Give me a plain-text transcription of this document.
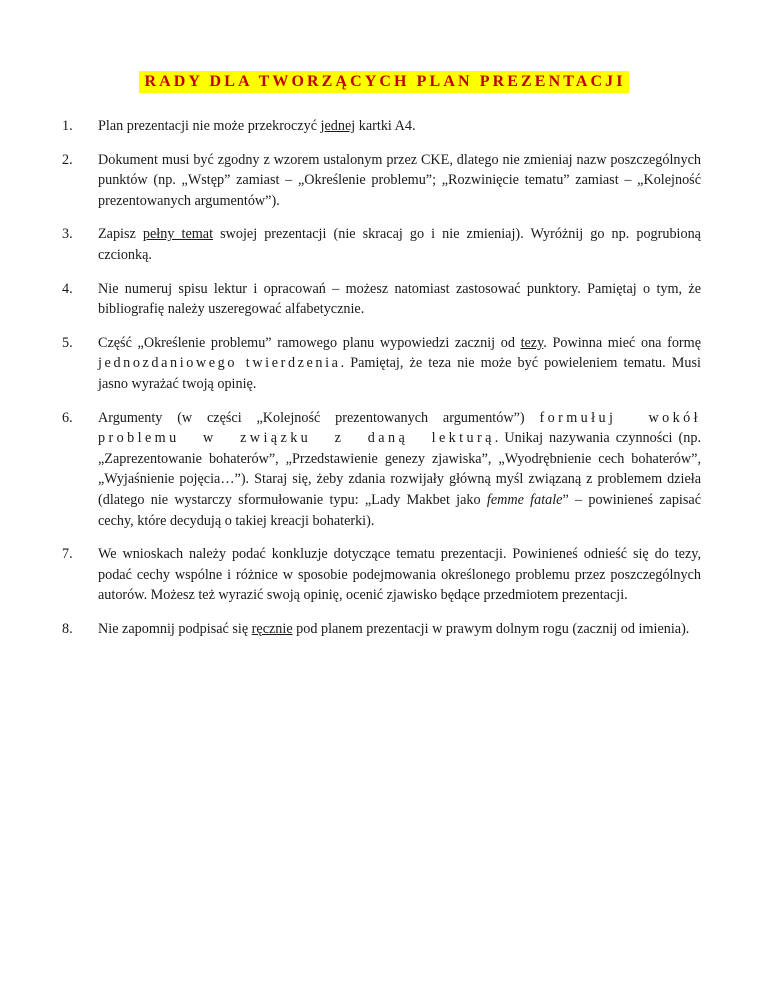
RADY DLA TWORZĄCYCH PLAN PREZENTACJI
1. Plan prezentacji nie może przekroczyć jednej kartki A4.
2. Dokument musi być zgodny z wzorem ustalonym przez CKE, dlatego nie zmieniaj nazw poszczególnych punktów (np. „Wstęp” zamiast – „Określenie problemu”; „Rozwinięcie tematu” zamiast – „Kolejność prezentowanych argumentów”).
3. Zapisz pełny temat swojej prezentacji (nie skracaj go i nie zmieniaj). Wyróżnij go np. pogrubioną czcionką.
4. Nie numeruj spisu lektur i opracowań – możesz natomiast zastosować punktory. Pamiętaj o tym, że bibliografię należy uszeregować alfabetycznie.
5. Część „Określenie problemu” ramowego planu wypowiedzi zacznij od tezy. Powinna mieć ona formę jednozdaniowego twierdzenia. Pamiętaj, że teza nie może być powieleniem tematu. Musi jasno wyrażać twoją opinię.
6. Argumenty (w części „Kolejność prezentowanych argumentów”) formułuj wokół problemu w związku z daną lekturą. Unikaj nazywania czynności (np. „Zaprezentowanie bohaterów”, „Przedstawienie genezy zjawiska”, „Wyodrębnienie cech bohaterów”, „Wyjaśnienie pojęcia…”). Staraj się, żeby zdania rozwijały główną myśl związaną z problemem dzieła (dlatego nie wystarczy sformułowanie typu: „Lady Makbet jako femme fatale” – powinieneś zapisać cechy, które decydują o takiej kreacji bohaterki).
7. We wnioskach należy podać konkluzje dotyczące tematu prezentacji. Powinieneś odnieść się do tezy, podać cechy wspólne i różnice w sposobie podejmowania określonego problemu przez poszczególnych autorów. Możesz też wyrazić swoją opinię, ocenić zjawisko będące przedmiotem prezentacji.
8. Nie zapomnij podpisać się ręcznie pod planem prezentacji w prawym dolnym rogu (zacznij od imienia).
